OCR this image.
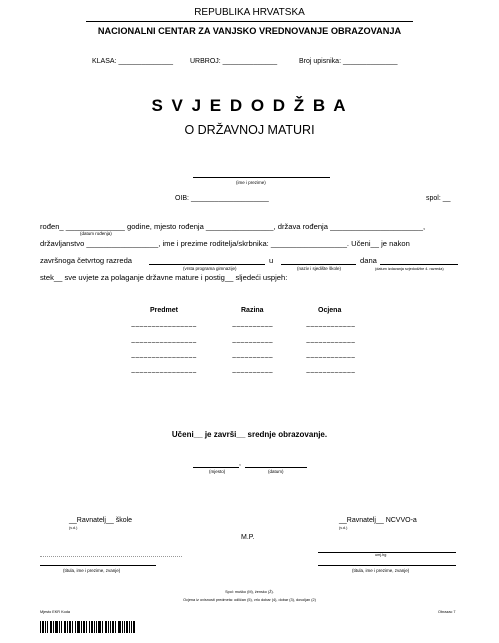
REPUBLIKA HRVATSKA
NACIONALNI CENTAR ZA VANJSKO VREDNOVANJE OBRAZOVANJA
KLASA: ______________ URBROJ: ______________	Broj upisnika: ______________
S V J E D O D Ž B A
O DRŽAVNOJ MATURI
(ime i prezime)
OIB: ____________________	spol: __
rođen_ ______________ godine, mjesto rođenja ________________, država rođenja ______________________,
(datum rođenja)
državljanstvo _________________, ime i prezime roditelja/skrbnika: __________________. Učeni__ je nakon
završnoga četvrtog razreda	u	dana
(vrsta programa gimnazije)	(naziv i sjedište škole)	(datum izdavanja svjedodžbe 4. razreda)
stek__ sve uvjete za polaganje državne mature i postig__ sljedeći uspjeh:
Predmet	Razina	Ocjena
~~~~~~~~~~~~~~~~	~~~~~~~~~~	~~~~~~~~~~~~
~~~~~~~~~~~~~~~~	~~~~~~~~~~	~~~~~~~~~~~~
~~~~~~~~~~~~~~~~	~~~~~~~~~~	~~~~~~~~~~~~
~~~~~~~~~~~~~~~~	~~~~~~~~~~	~~~~~~~~~~~~
Učeni__ je završi__ srednje obrazovanje.
,
(mjesto)	(datum)
__Ravnatelj__ škole
(v.d.)
__Ravnatelj__ NCVVO-a
(v.d.)
M.P.
umj.hg
(titula, ime i prezime, zvanje)	(titula, ime i prezime, zvanje)
Spol: muško (M), žensko (Ž).
Ocjena iz ovisnosti predmeta: odličan (5), vrlo dobar (4), dobar (3), dovoljan (2)
Mjesto EKR Koda	Obrazac 7
